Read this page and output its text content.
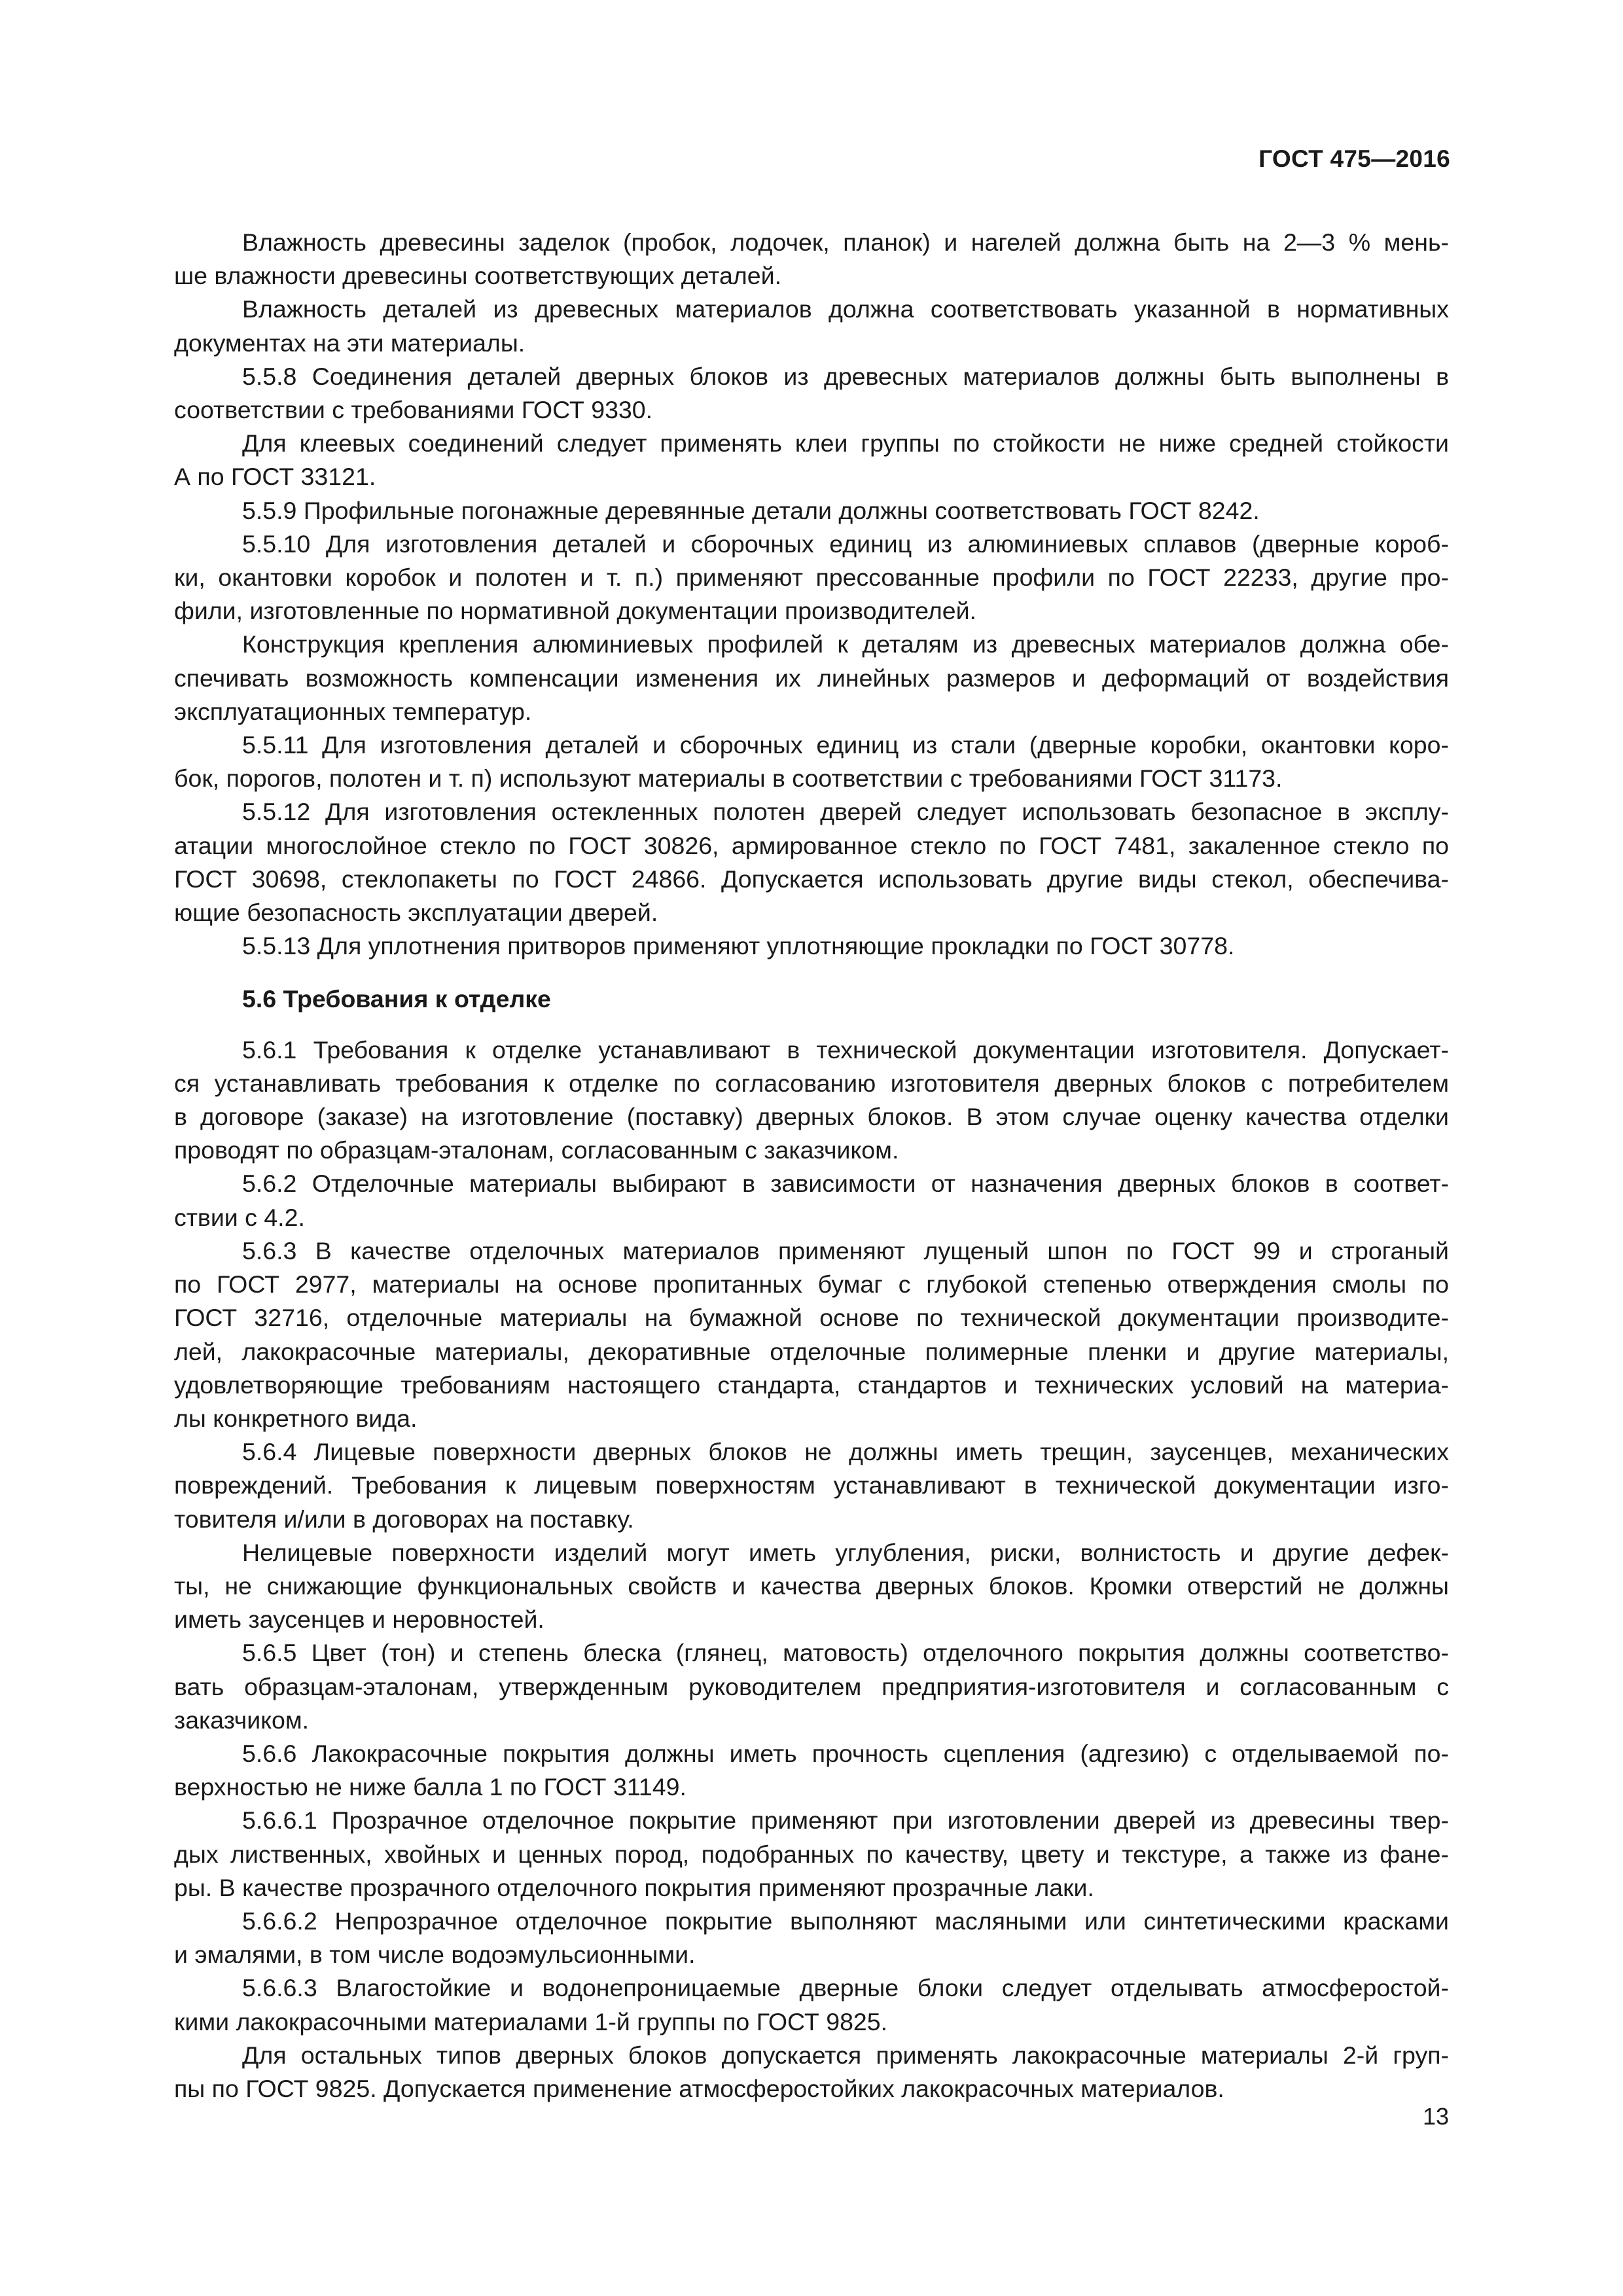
ГОСТ 475—2016
Влажность древесины заделок (пробок, лодочек, планок) и нагелей должна быть на 2—3 % мень-
ше влажности древесины соответствующих деталей.
Влажность деталей из древесных материалов должна соответствовать указанной в нормативных
документах на эти материалы.
5.5.8 Соединения деталей дверных блоков из древесных материалов должны быть выполнены в
соответствии с требованиями ГОСТ 9330.
Для клеевых соединений следует применять клеи группы по стойкости не ниже средней стойкости
А по ГОСТ 33121.
5.5.9 Профильные погонажные деревянные детали должны соответствовать ГОСТ 8242.
5.5.10 Для изготовления деталей и сборочных единиц из алюминиевых сплавов (дверные короб-
ки, окантовки коробок и полотен и т. п.) применяют прессованные профили по ГОСТ 22233, другие про-
фили, изготовленные по нормативной документации производителей.
Конструкция крепления алюминиевых профилей к деталям из древесных материалов должна обе-
спечивать возможность компенсации изменения их линейных размеров и деформаций от воздействия
эксплуатационных температур.
5.5.11 Для изготовления деталей и сборочных единиц из стали (дверные коробки, окантовки коро-
бок, порогов, полотен и т. п) используют материалы в соответствии с требованиями ГОСТ 31173.
5.5.12 Для изготовления остекленных полотен дверей следует использовать безопасное в эксплу-
атации многослойное стекло по ГОСТ 30826, армированное стекло по ГОСТ 7481, закаленное стекло по
ГОСТ 30698, стеклопакеты по ГОСТ 24866. Допускается использовать другие виды стекол, обеспечива-
ющие безопасность эксплуатации дверей.
5.5.13 Для уплотнения притворов применяют уплотняющие прокладки по ГОСТ 30778.
5.6 Требования к отделке
5.6.1 Требования к отделке устанавливают в технической документации изготовителя. Допускает-
ся устанавливать требования к отделке по согласованию изготовителя дверных блоков с потребителем
в договоре (заказе) на изготовление (поставку) дверных блоков. В этом случае оценку качества отделки
проводят по образцам-эталонам, согласованным с заказчиком.
5.6.2 Отделочные материалы выбирают в зависимости от назначения дверных блоков в соответ-
ствии с 4.2.
5.6.3 В качестве отделочных материалов применяют лущеный шпон по ГОСТ 99 и строганый
по ГОСТ 2977, материалы на основе пропитанных бумаг с глубокой степенью отверждения смолы по
ГОСТ 32716, отделочные материалы на бумажной основе по технической документации производите-
лей, лакокрасочные материалы, декоративные отделочные полимерные пленки и другие материалы,
удовлетворяющие требованиям настоящего стандарта, стандартов и технических условий на материа-
лы конкретного вида.
5.6.4 Лицевые поверхности дверных блоков не должны иметь трещин, заусенцев, механических
повреждений. Требования к лицевым поверхностям устанавливают в технической документации изго-
товителя и/или в договорах на поставку.
Нелицевые поверхности изделий могут иметь углубления, риски, волнистость и другие дефек-
ты, не снижающие функциональных свойств и качества дверных блоков. Кромки отверстий не должны
иметь заусенцев и неровностей.
5.6.5 Цвет (тон) и степень блеска (глянец, матовость) отделочного покрытия должны соответство-
вать образцам-эталонам, утвержденным руководителем предприятия-изготовителя и согласованным с
заказчиком.
5.6.6 Лакокрасочные покрытия должны иметь прочность сцепления (адгезию) с отделываемой по-
верхностью не ниже балла 1 по ГОСТ 31149.
5.6.6.1 Прозрачное отделочное покрытие применяют при изготовлении дверей из древесины твер-
дых лиственных, хвойных и ценных пород, подобранных по качеству, цвету и текстуре, а также из фане-
ры. В качестве прозрачного отделочного покрытия применяют прозрачные лаки.
5.6.6.2 Непрозрачное отделочное покрытие выполняют масляными или синтетическими красками
и эмалями, в том числе водоэмульсионными.
5.6.6.3 Влагостойкие и водонепроницаемые дверные блоки следует отделывать атмосферостой-
кими лакокрасочными материалами 1-й группы по ГОСТ 9825.
Для остальных типов дверных блоков допускается применять лакокрасочные материалы 2-й груп-
пы по ГОСТ 9825. Допускается применение атмосферостойких лакокрасочных материалов.
13
